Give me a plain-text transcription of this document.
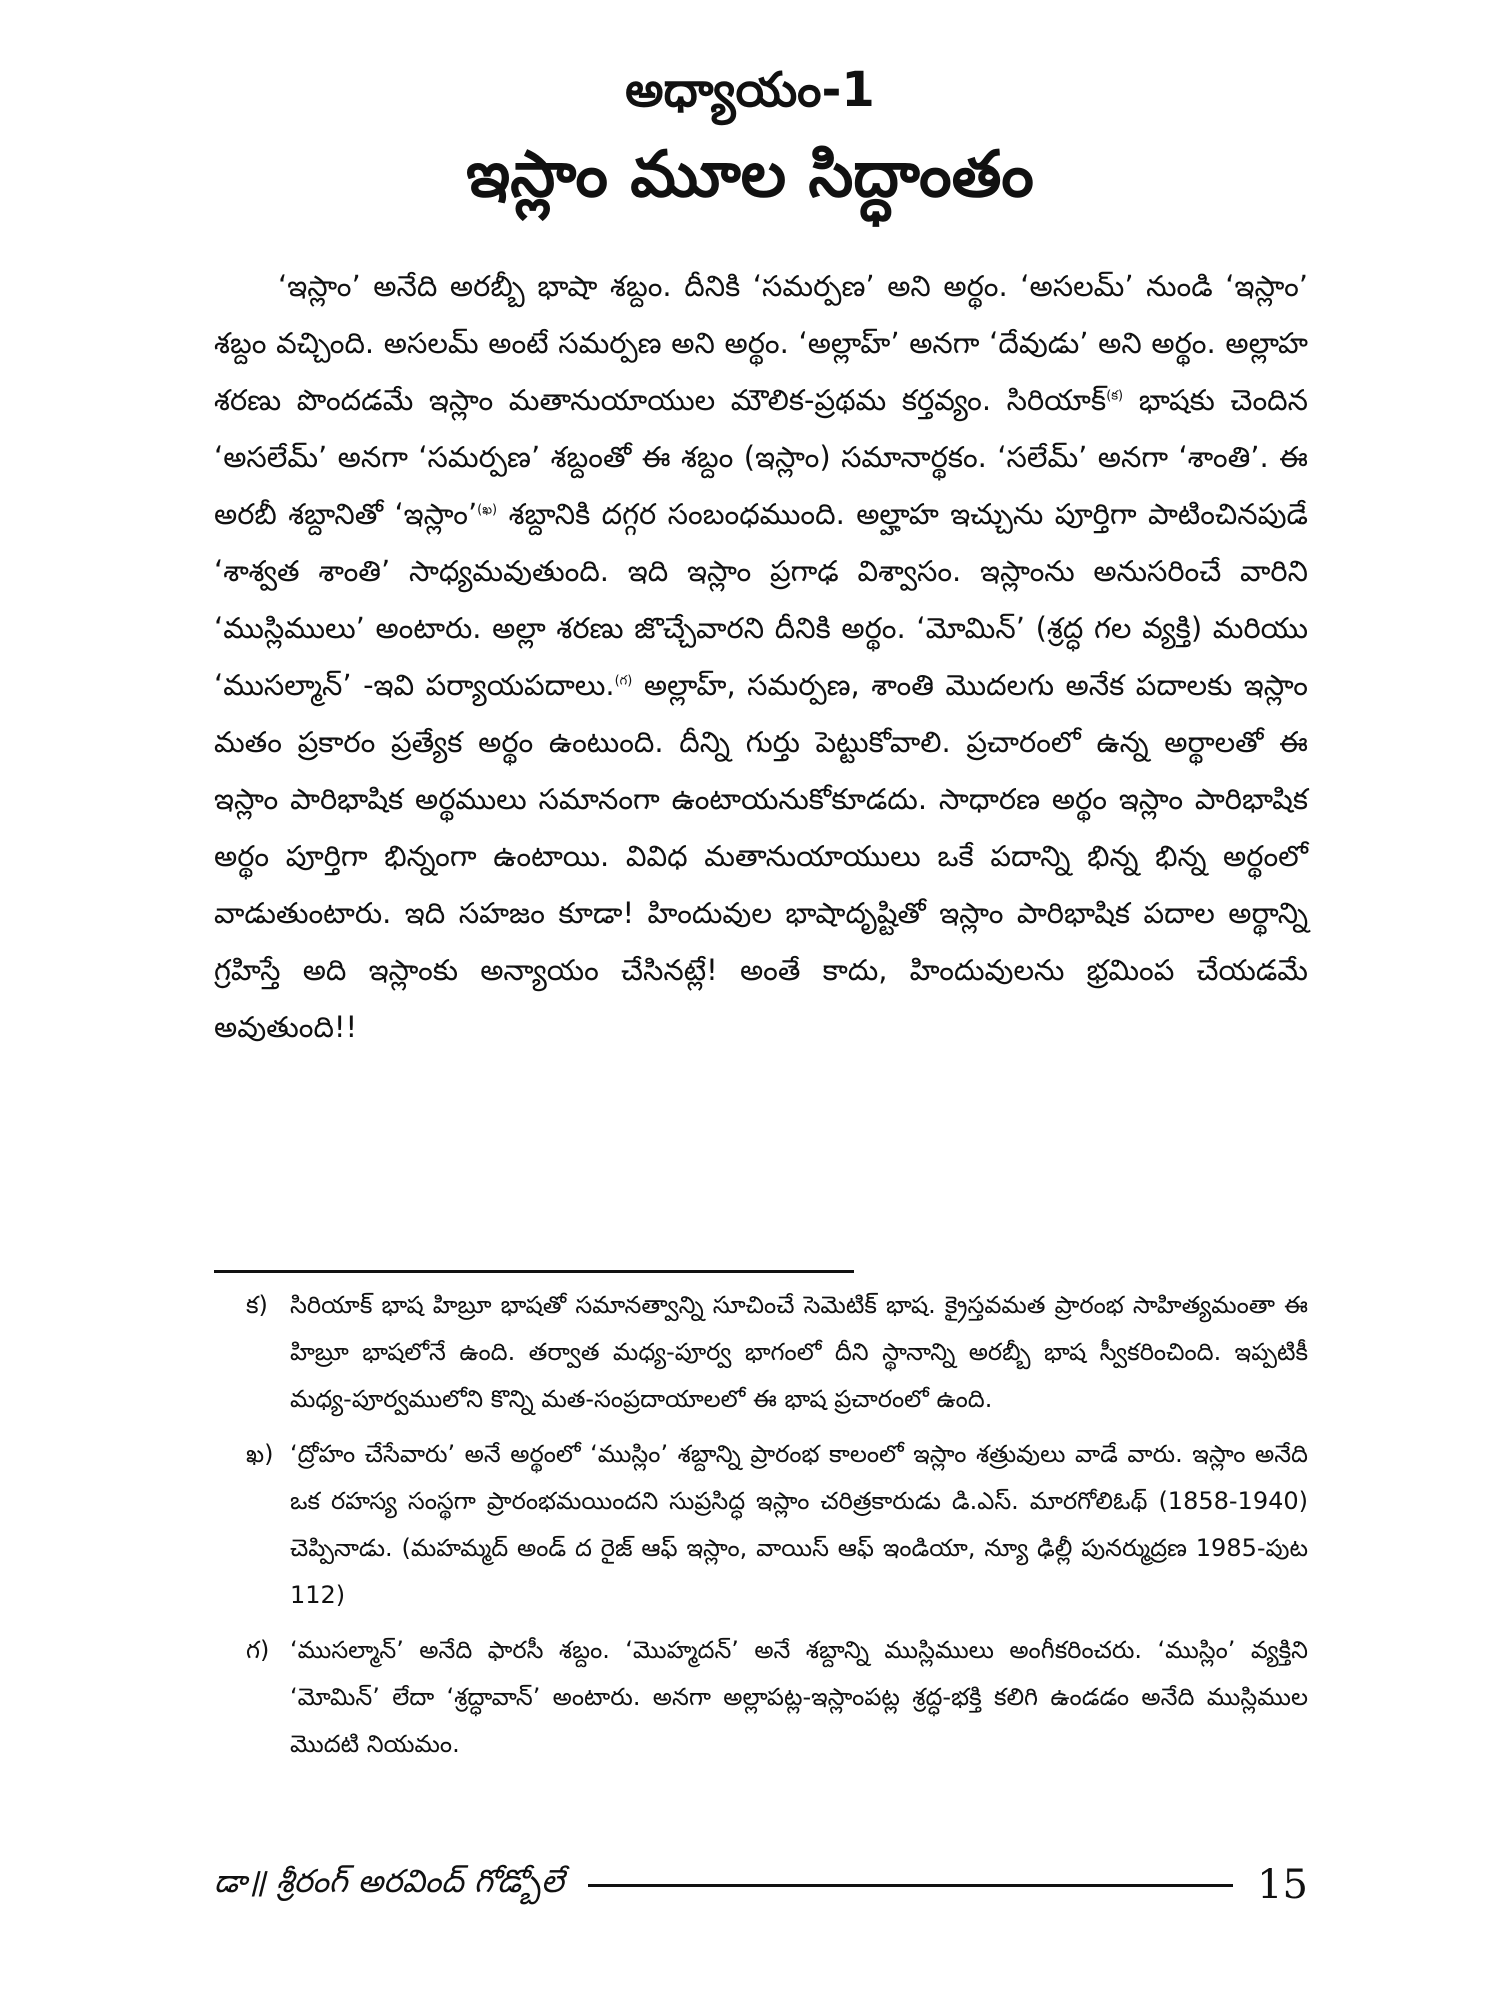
అధ్యాయం-1
ఇస్లాం మూల సిద్ధాంతం

‘ఇస్లాం’ అనేది అరబ్బీ భాషా శబ్దం. దీనికి ‘సమర్పణ’ అని అర్థం. ‘అసలమ్’ నుండి ‘ఇస్లాం’ శబ్దం వచ్చింది. అసలమ్ అంటే సమర్పణ అని అర్థం. ‘అల్లాహ్’ అనగా ‘దేవుడు’ అని అర్థం. అల్లాహ శరణు పొందడమే ఇస్లాం మతానుయాయుల మౌలిక-ప్రథమ కర్తవ్యం. సిరియాక్$^{(క)}$ భాషకు చెందిన ‘అసలేమ్’ అనగా ‘సమర్పణ’ శబ్దంతో ఈ శబ్దం (ఇస్లాం) సమానార్థకం. ‘సలేమ్’ అనగా ‘శాంతి’. ఈ అరబీ శబ్దానితో ‘ఇస్లాం’$^{(ఖ)}$ శబ్దానికి దగ్గర సంబంధముంది. అల్హాహ ఇచ్చును పూర్తిగా పాటించినపుడే ‘శాశ్వత శాంతి’ సాధ్యమవుతుంది. ఇది ఇస్లాం ప్రగాఢ విశ్వాసం. ఇస్లాంను అనుసరించే వారిని ‘ముస్లిములు’ అంటారు. అల్లా శరణు జొచ్చేవారని దీనికి అర్థం. ‘మోమిన్’ (శ్రద్ధ గల వ్యక్తి) మరియు ‘ముసల్మాన్’ -ఇవి పర్యాయపదాలు.$^{(గ)}$ అల్లాహ్, సమర్పణ, శాంతి మొదలగు అనేక పదాలకు ఇస్లాం మతం ప్రకారం ప్రత్యేక అర్థం ఉంటుంది. దీన్ని గుర్తు పెట్టుకోవాలి. ప్రచారంలో ఉన్న అర్థాలతో ఈ ఇస్లాం పారిభాషిక అర్థములు సమానంగా ఉంటాయనుకోకూడదు. సాధారణ అర్థం ఇస్లాం పారిభాషిక అర్థం పూర్తిగా భిన్నంగా ఉంటాయి. వివిధ మతానుయాయులు ఒకే పదాన్ని భిన్న భిన్న అర్థంలో వాడుతుంటారు. ఇది సహజం కూడా! హిందువుల భాషాదృష్టితో ఇస్లాం పారిభాషిక పదాల అర్థాన్ని గ్రహిస్తే అది ఇస్లాంకు అన్యాయం చేసినట్లే! అంతే కాదు, హిందువులను భ్రమింప చేయడమే అవుతుంది!!

క) సిరియాక్ భాష హిబ్రూ భాషతో సమానత్వాన్ని సూచించే సెమెటిక్ భాష. క్రైస్తవమత ప్రారంభ సాహిత్యమంతా ఈ హిబ్రూ భాషలోనే ఉంది. తర్వాత మధ్య-పూర్వ భాగంలో దీని స్థానాన్ని అరబ్బీ భాష స్వీకరించింది. ఇప్పటికీ మధ్య-పూర్వములోని కొన్ని మత-సంప్రదాయాలలో ఈ భాష ప్రచారంలో ఉంది.
ఖ) ‘ద్రోహం చేసేవారు’ అనే అర్థంలో ‘ముస్లిం’ శబ్దాన్ని ప్రారంభ కాలంలో ఇస్లాం శత్రువులు వాడే వారు. ఇస్లాం అనేది ఒక రహస్య సంస్థగా ప్రారంభమయిందని సుప్రసిద్ధ ఇస్లాం చరిత్రకారుడు డి.ఎస్. మారగోలిఓథ్ (1858-1940) చెప్పినాడు. (మహమ్మద్ అండ్ ద రైజ్ ఆఫ్ ఇస్లాం, వాయిస్ ఆఫ్ ఇండియా, న్యూ ఢిల్లీ పునర్ముద్రణ 1985-పుట 112)
గ) ‘ముసల్మాన్’ అనేది ఫారసీ శబ్దం. ‘మొహ్మదన్’ అనే శబ్దాన్ని ముస్లిములు అంగీకరించరు. ‘ముస్లిం’ వ్యక్తిని ‘మోమిన్’ లేదా ‘శ్రద్ధావాన్’ అంటారు. అనగా అల్లాపట్ల-ఇస్లాంపట్ల శ్రద్ధ-భక్తి కలిగి ఉండడం అనేది ముస్లిముల మొదటి నియమం.
డా॥ శ్రీరంగ్ అరవింద్ గోడ్బోలే	15
